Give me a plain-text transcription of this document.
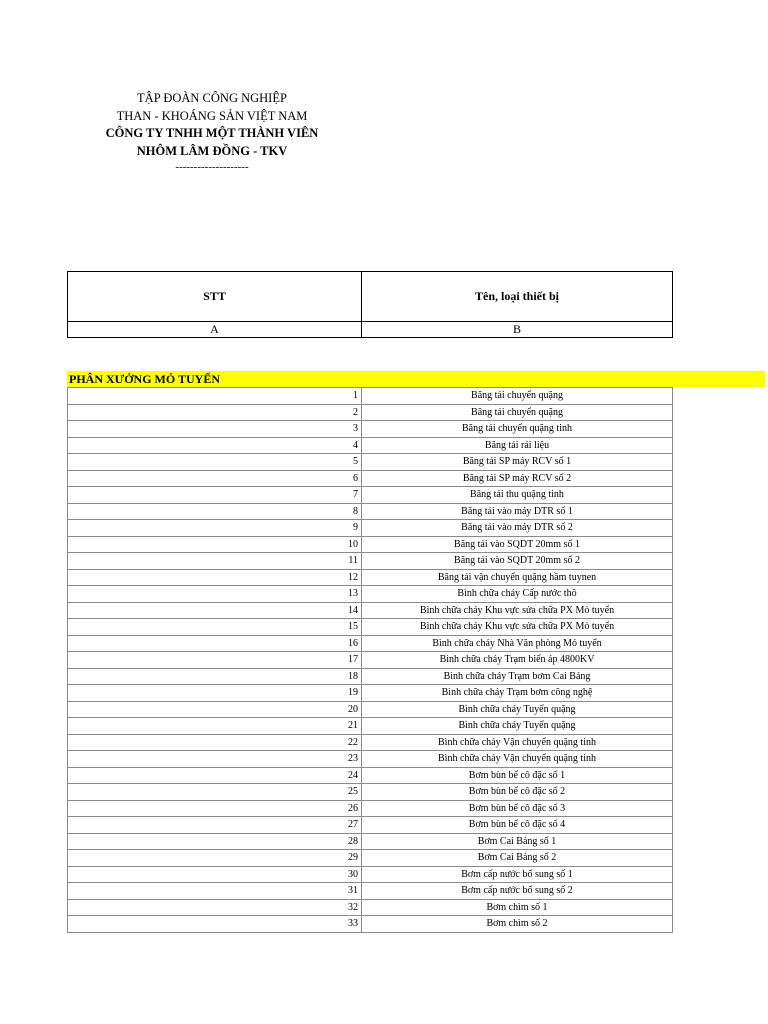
TẬP ĐOÀN CÔNG NGHIỆP
THAN - KHOÁNG SẢN VIỆT NAM
CÔNG TY TNHH MỘT THÀNH VIÊN
NHÔM LÂM ĐỒNG - TKV
--------------------
STT	Tên, loại thiết bị
A	B
PHÂN XƯỞNG MỎ TUYỂN
1	Băng tải chuyển quặng
2	Băng tải chuyển quặng
3	Băng tải chuyển quặng tinh
4	Băng tải rải liệu
5	Băng tải SP máy RCV số 1
6	Băng tải SP máy RCV số 2
7	Băng tải thu quặng tinh
8	Băng tải vào máy DTR số 1
9	Băng tải vào máy DTR số 2
10	Băng tải vào SQDT 20mm số 1
11	Băng tải vào SQDT 20mm số 2
12	Băng tải vận chuyển quặng hầm tuynen
13	Bình chữa cháy Cấp nước thô
14	Bình chữa cháy Khu vực sửa chữa PX Mỏ tuyển
15	Bình chữa cháy Khu vực sửa chữa PX Mỏ tuyển
16	Bình chữa cháy Nhà Văn phòng Mỏ tuyển
17	Bình chữa cháy Trạm biến áp 4800KV
18	Bình chữa cháy Trạm bơm Cai Bảng
19	Bình chữa cháy Trạm bơm công nghệ
20	Bình chữa cháy Tuyển quặng
21	Bình chữa cháy Tuyển quặng
22	Bình chữa cháy Vận chuyển quặng tinh
23	Bình chữa cháy Vận chuyển quặng tinh
24	Bơm bùn bể cô đặc số 1
25	Bơm bùn bể cô đặc số 2
26	Bơm bùn bể cô đặc số 3
27	Bơm bùn bể cô đặc số 4
28	Bơm Cai Bảng số 1
29	Bơm Cai Bảng số 2
30	Bơm cấp nước bổ sung số 1
31	Bơm cấp nước bổ sung số 2
32	Bơm chìm số 1
33	Bơm chìm số 2
